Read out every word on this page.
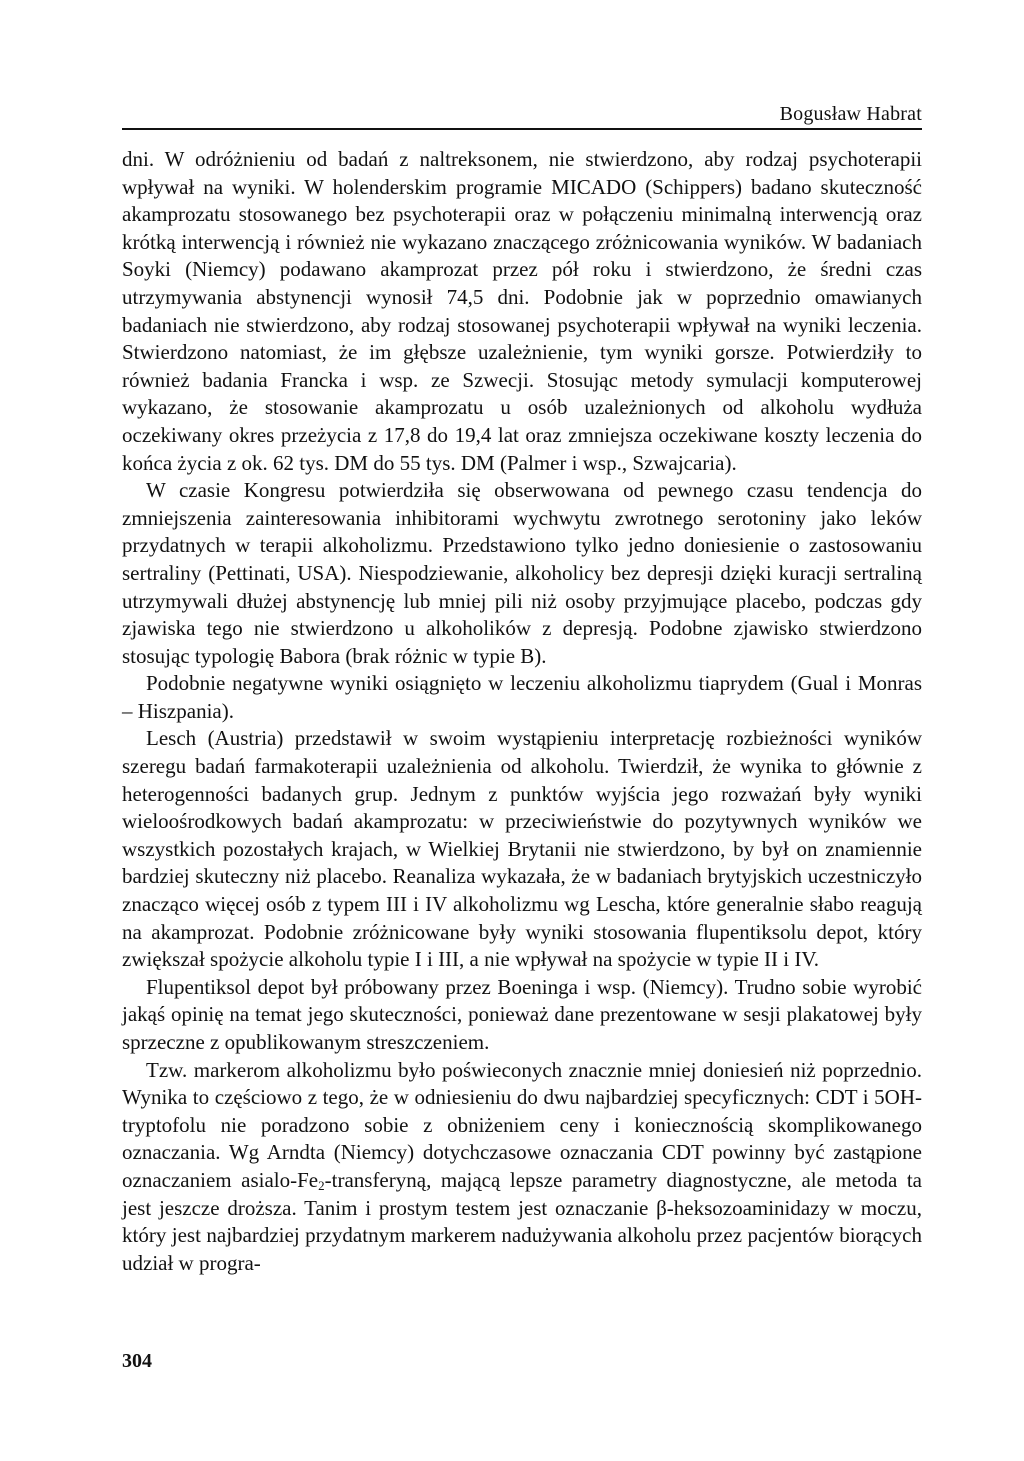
Bogusław Habrat

dni. W odróżnieniu od badań z naltreksonem, nie stwierdzono, aby rodzaj psychoterapii wpływał na wyniki. W holenderskim programie MICADO (Schippers) badano skuteczność akamprozatu stosowanego bez psychoterapii oraz w połączeniu minimalną interwencją oraz krótką interwencją i również nie wykazano znaczącego zróżnicowania wyników. W badaniach Soyki (Niemcy) podawano akamprozat przez pół roku i stwierdzono, że średni czas utrzymywania abstynencji wynosił 74,5 dni. Podobnie jak w poprzednio omawianych badaniach nie stwierdzono, aby rodzaj stosowanej psychoterapii wpływał na wyniki leczenia. Stwierdzono natomiast, że im głębsze uzależnienie, tym wyniki gorsze. Potwierdziły to również badania Francka i wsp. ze Szwecji. Stosując metody symulacji komputerowej wykazano, że stosowanie akamprozatu u osób uzależnionych od alkoholu wydłuża oczekiwany okres przeżycia z 17,8 do 19,4 lat oraz zmniejsza oczekiwane koszty leczenia do końca życia z ok. 62 tys. DM do 55 tys. DM (Palmer i wsp., Szwajcaria).

W czasie Kongresu potwierdziła się obserwowana od pewnego czasu tendencja do zmniejszenia zainteresowania inhibitorami wychwytu zwrotnego serotoniny jako leków przydatnych w terapii alkoholizmu. Przedstawiono tylko jedno doniesienie o zastosowaniu sertraliny (Pettinati, USA). Niespodziewanie, alkoholicy bez depresji dzięki kuracji sertraliną utrzymywali dłużej abstynencję lub mniej pili niż osoby przyjmujące placebo, podczas gdy zjawiska tego nie stwierdzono u alkoholików z depresją. Podobne zjawisko stwierdzono stosując typologię Babora (brak różnic w typie B).

Podobnie negatywne wyniki osiągnięto w leczeniu alkoholizmu tiaprydem (Gual i Monras – Hiszpania).

Lesch (Austria) przedstawił w swoim wystąpieniu interpretację rozbieżności wyników szeregu badań farmakoterapii uzależnienia od alkoholu. Twierdził, że wynika to głównie z heterogenności badanych grup. Jednym z punktów wyjścia jego rozważań były wyniki wieloośrodkowych badań akamprozatu: w przeciwieństwie do pozytywnych wyników we wszystkich pozostałych krajach, w Wielkiej Brytanii nie stwierdzono, by był on znamiennie bardziej skuteczny niż placebo. Reanaliza wykazała, że w badaniach brytyjskich uczestniczyło znacząco więcej osób z typem III i IV alkoholizmu wg Lescha, które generalnie słabo reagują na akamprozat. Podobnie zróżnicowane były wyniki stosowania flupentiksolu depot, który zwiększał spożycie alkoholu typie I i III, a nie wpływał na spożycie w typie II i IV.

Flupentiksol depot był próbowany przez Boeninga i wsp. (Niemcy). Trudno sobie wyrobić jakąś opinię na temat jego skuteczności, ponieważ dane prezentowane w sesji plakatowej były sprzeczne z opublikowanym streszczeniem.

Tzw. markerom alkoholizmu było poświeconych znacznie mniej doniesień niż poprzednio. Wynika to częściowo z tego, że w odniesieniu do dwu najbardziej specyficznych: CDT i 5OH-tryptofolu nie poradzono sobie z obniżeniem ceny i koniecznością skomplikowanego oznaczania. Wg Arndta (Niemcy) dotychczasowe oznaczania CDT powinny być zastąpione oznaczaniem asialo-$Fe_2$-transferyną, mającą lepsze parametry diagnostyczne, ale metoda ta jest jeszcze droższa. Tanim i prostym testem jest oznaczanie β-heksozoaminidazy w moczu, który jest najbardziej przydatnym markerem nadużywania alkoholu przez pacjentów biorących udział w progra-

304
